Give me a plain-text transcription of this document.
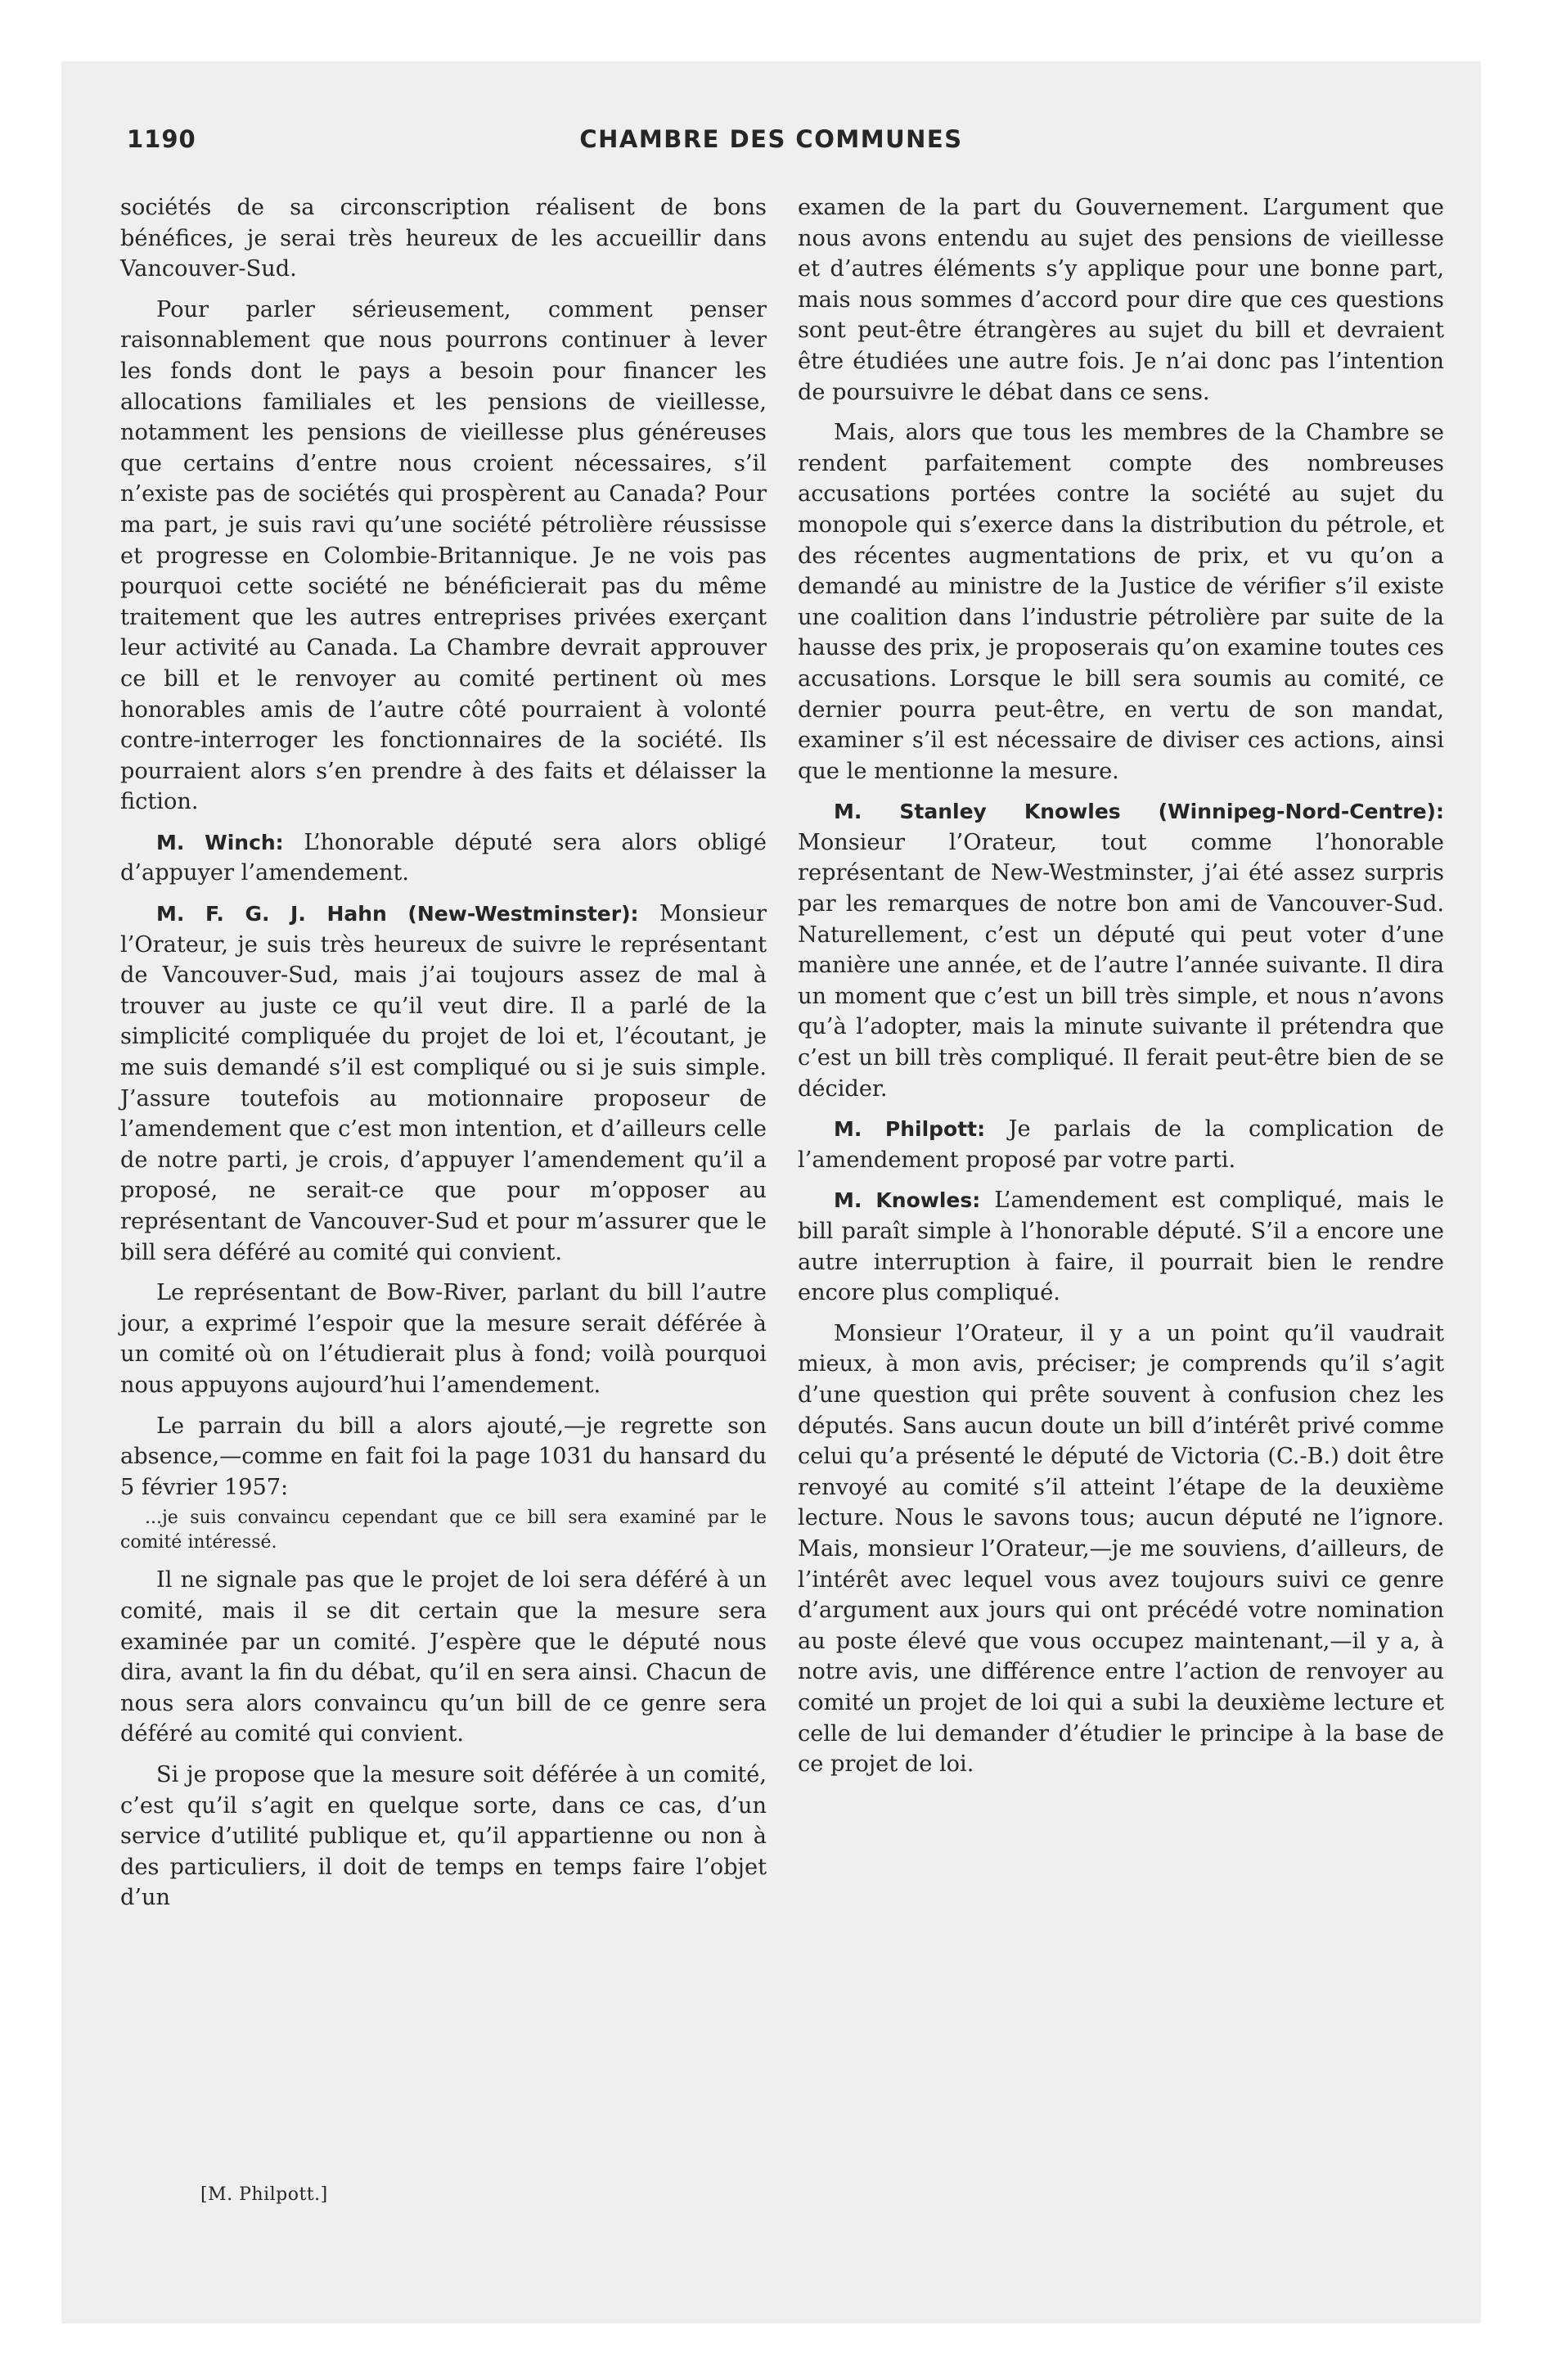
1190	CHAMBRE DES COMMUNES

sociétés de sa circonscription réalisent de bons bénéfices, je serai très heureux de les accueillir dans Vancouver-Sud.

Pour parler sérieusement, comment penser raisonnablement que nous pourrons continuer à lever les fonds dont le pays a besoin pour financer les allocations familiales et les pensions de vieillesse, notamment les pensions de vieillesse plus généreuses que certains d’entre nous croient nécessaires, s’il n’existe pas de sociétés qui prospèrent au Canada? Pour ma part, je suis ravi qu’une société pétrolière réussisse et progresse en Colombie-Britannique. Je ne vois pas pourquoi cette société ne bénéficierait pas du même traitement que les autres entreprises privées exerçant leur activité au Canada. La Chambre devrait approuver ce bill et le renvoyer au comité pertinent où mes honorables amis de l’autre côté pourraient à volonté contre-interroger les fonctionnaires de la société. Ils pourraient alors s’en prendre à des faits et délaisser la fiction.

M. Winch: L’honorable député sera alors obligé d’appuyer l’amendement.

M. F. G. J. Hahn (New-Westminster): Monsieur l’Orateur, je suis très heureux de suivre le représentant de Vancouver-Sud, mais j’ai toujours assez de mal à trouver au juste ce qu’il veut dire. Il a parlé de la simplicité compliquée du projet de loi et, l’écoutant, je me suis demandé s’il est compliqué ou si je suis simple. J’assure toutefois au motionnaire proposeur de l’amendement que c’est mon intention, et d’ailleurs celle de notre parti, je crois, d’appuyer l’amendement qu’il a proposé, ne serait-ce que pour m’opposer au représentant de Vancouver-Sud et pour m’assurer que le bill sera déféré au comité qui convient.

Le représentant de Bow-River, parlant du bill l’autre jour, a exprimé l’espoir que la mesure serait déférée à un comité où on l’étudierait plus à fond; voilà pourquoi nous appuyons aujourd’hui l’amendement.

Le parrain du bill a alors ajouté,—je regrette son absence,—comme en fait foi la page 1031 du hansard du 5 février 1957:

...je suis convaincu cependant que ce bill sera examiné par le comité intéressé.

Il ne signale pas que le projet de loi sera déféré à un comité, mais il se dit certain que la mesure sera examinée par un comité. J’espère que le député nous dira, avant la fin du débat, qu’il en sera ainsi. Chacun de nous sera alors convaincu qu’un bill de ce genre sera déféré au comité qui convient.

Si je propose que la mesure soit déférée à un comité, c’est qu’il s’agit en quelque sorte, dans ce cas, d’un service d’utilité publique et, qu’il appartienne ou non à des particuliers, il doit de temps en temps faire l’objet d’un

[M. Philpott.]

examen de la part du Gouvernement. L’argument que nous avons entendu au sujet des pensions de vieillesse et d’autres éléments s’y applique pour une bonne part, mais nous sommes d’accord pour dire que ces questions sont peut-être étrangères au sujet du bill et devraient être étudiées une autre fois. Je n’ai donc pas l’intention de poursuivre le débat dans ce sens.

Mais, alors que tous les membres de la Chambre se rendent parfaitement compte des nombreuses accusations portées contre la société au sujet du monopole qui s’exerce dans la distribution du pétrole, et des récentes augmentations de prix, et vu qu’on a demandé au ministre de la Justice de vérifier s’il existe une coalition dans l’industrie pétrolière par suite de la hausse des prix, je proposerais qu’on examine toutes ces accusations. Lorsque le bill sera soumis au comité, ce dernier pourra peut-être, en vertu de son mandat, examiner s’il est nécessaire de diviser ces actions, ainsi que le mentionne la mesure.

M. Stanley Knowles (Winnipeg-Nord-Centre): Monsieur l’Orateur, tout comme l’honorable représentant de New-Westminster, j’ai été assez surpris par les remarques de notre bon ami de Vancouver-Sud. Naturellement, c’est un député qui peut voter d’une manière une année, et de l’autre l’année suivante. Il dira un moment que c’est un bill très simple, et nous n’avons qu’à l’adopter, mais la minute suivante il prétendra que c’est un bill très compliqué. Il ferait peut-être bien de se décider.

M. Philpott: Je parlais de la complication de l’amendement proposé par votre parti.

M. Knowles: L’amendement est compliqué, mais le bill paraît simple à l’honorable député. S’il a encore une autre interruption à faire, il pourrait bien le rendre encore plus compliqué.

Monsieur l’Orateur, il y a un point qu’il vaudrait mieux, à mon avis, préciser; je comprends qu’il s’agit d’une question qui prête souvent à confusion chez les députés. Sans aucun doute un bill d’intérêt privé comme celui qu’a présenté le député de Victoria (C.-B.) doit être renvoyé au comité s’il atteint l’étape de la deuxième lecture. Nous le savons tous; aucun député ne l’ignore. Mais, monsieur l’Orateur,—je me souviens, d’ailleurs, de l’intérêt avec lequel vous avez toujours suivi ce genre d’argument aux jours qui ont précédé votre nomination au poste élevé que vous occupez maintenant,—il y a, à notre avis, une différence entre l’action de renvoyer au comité un projet de loi qui a subi la deuxième lecture et celle de lui demander d’étudier le principe à la base de ce projet de loi.
